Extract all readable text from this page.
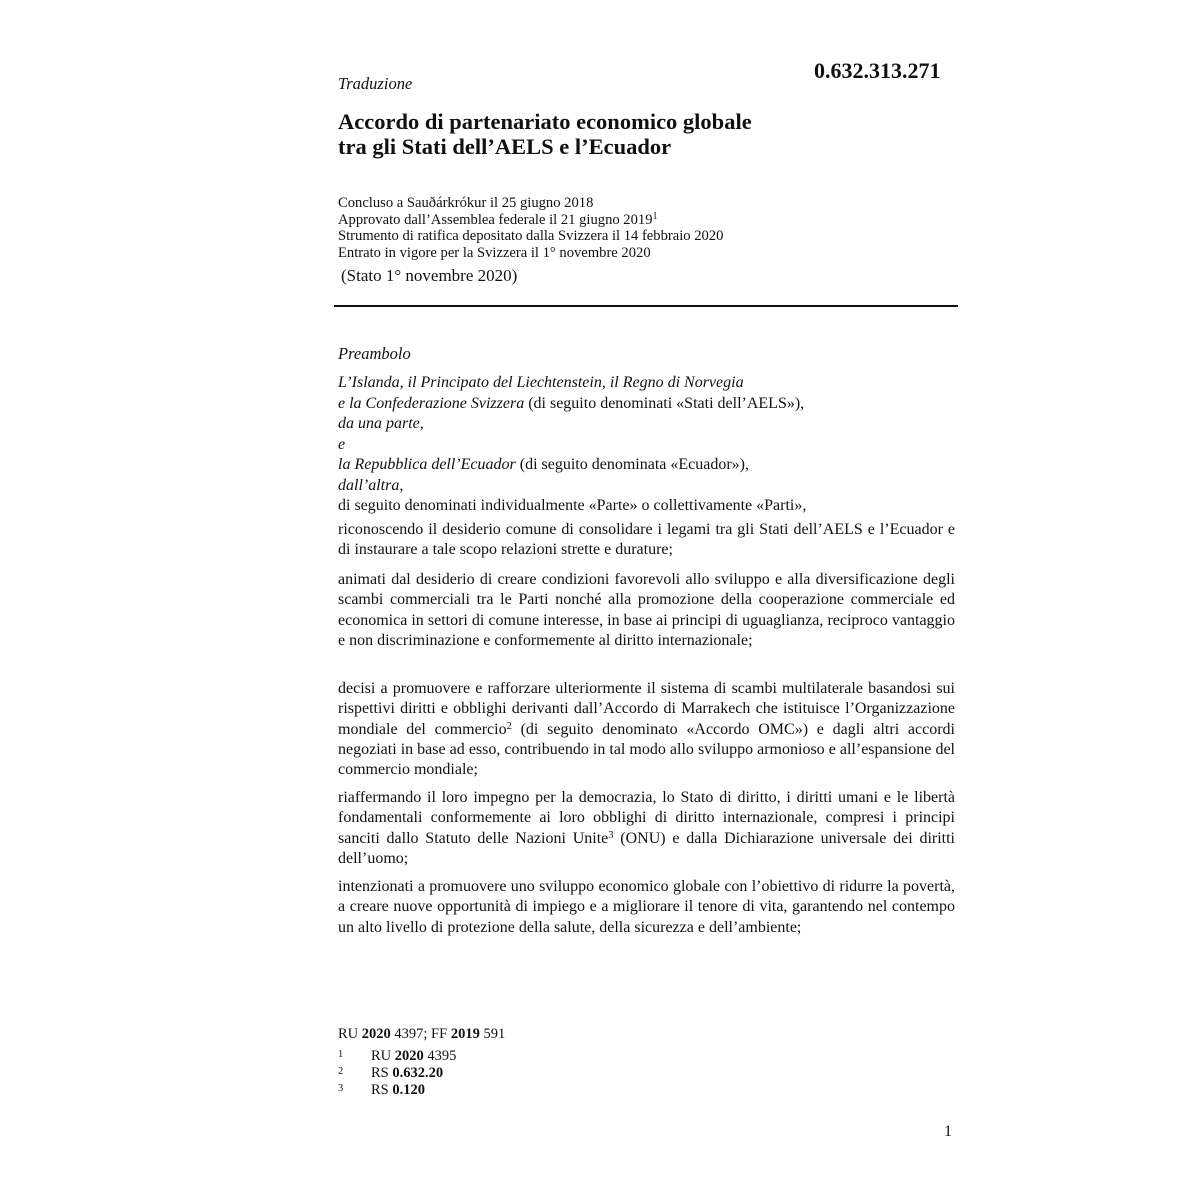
Traduzione
0.632.313.271
Accordo di partenariato economico globale
tra gli Stati dell’AELS e l’Ecuador
Concluso a Sauðárkrókur il 25 giugno 2018
Approvato dall’Assemblea federale il 21 giugno 2019$^1$
Strumento di ratifica depositato dalla Svizzera il 14 febbraio 2020
Entrato in vigore per la Svizzera il 1° novembre 2020
(Stato 1° novembre 2020)
Preambolo
L’Islanda, il Principato del Liechtenstein, il Regno di Norvegia
e la Confederazione Svizzera (di seguito denominati «Stati dell’AELS»),
da una parte,
e
la Repubblica dell’Ecuador (di seguito denominata «Ecuador»),
dall’altra,
di seguito denominati individualmente «Parte» o collettivamente «Parti»,
riconoscendo il desiderio comune di consolidare i legami tra gli Stati dell’AELS e l’Ecuador e di instaurare a tale scopo relazioni strette e durature;
animati dal desiderio di creare condizioni favorevoli allo sviluppo e alla diversificazione degli scambi commerciali tra le Parti nonché alla promozione della cooperazione commerciale ed economica in settori di comune interesse, in base ai principi di uguaglianza, reciproco vantaggio e non discriminazione e conformemente al diritto internazionale;
decisi a promuovere e rafforzare ulteriormente il sistema di scambi multilaterale basandosi sui rispettivi diritti e obblighi derivanti dall’Accordo di Marrakech che istituisce l’Organizzazione mondiale del commercio$^2$ (di seguito denominato «Accordo OMC») e dagli altri accordi negoziati in base ad esso, contribuendo in tal modo allo sviluppo armonioso e all’espansione del commercio mondiale;
riaffermando il loro impegno per la democrazia, lo Stato di diritto, i diritti umani e le libertà fondamentali conformemente ai loro obblighi di diritto internazionale, compresi i principi sanciti dallo Statuto delle Nazioni Unite$^3$ (ONU) e dalla Dichiarazione universale dei diritti dell’uomo;
intenzionati a promuovere uno sviluppo economico globale con l’obiettivo di ridurre la povertà, a creare nuove opportunità di impiego e a migliorare il tenore di vita, garantendo nel contempo un alto livello di protezione della salute, della sicurezza e dell’ambiente;
RU 2020 4397; FF 2019 591
1 RU 2020 4395
2 RS 0.632.20
3 RS 0.120
1
